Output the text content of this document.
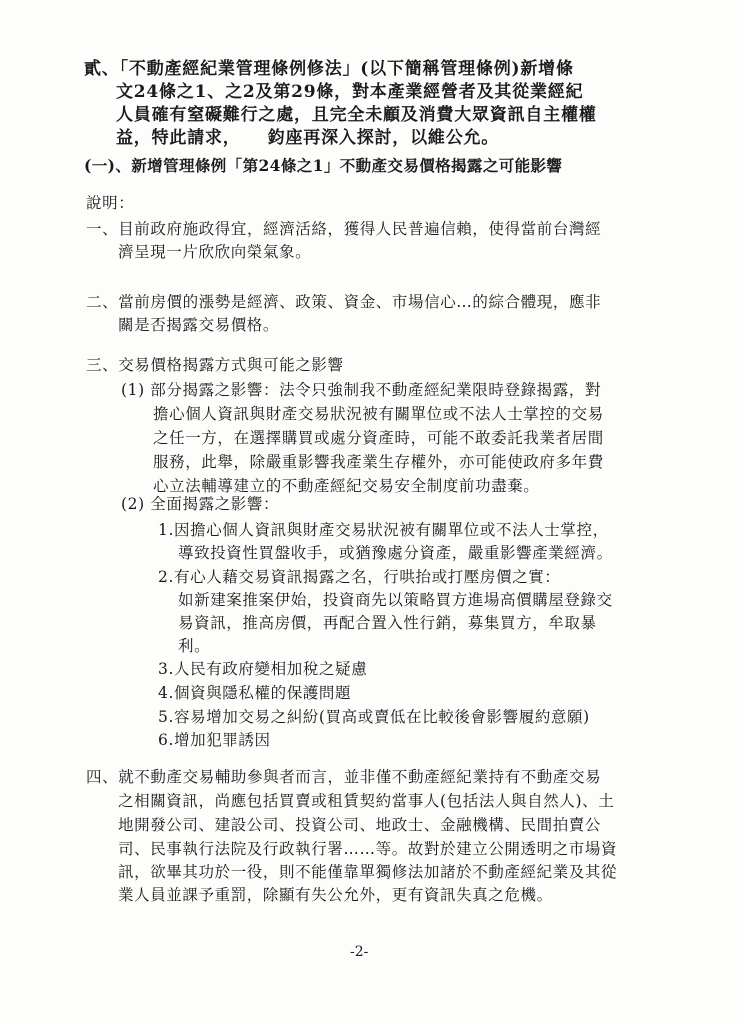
貳、「不動產經紀業管理條例修法」(以下簡稱管理條例)新增條
文24條之1、之2及第29條，對本產業經營者及其從業經紀
人員確有窒礙難行之處，且完全未顧及消費大眾資訊自主權權
益，特此請求，　　鈞座再深入探討，以維公允。
(一)、新增管理條例「第24條之1」不動產交易價格揭露之可能影響
說明：
一、目前政府施政得宜，經濟活絡，獲得人民普遍信賴，使得當前台灣經
濟呈現一片欣欣向榮氣象。
二、當前房價的漲勢是經濟、政策、資金、市場信心…的綜合體現，應非
關是否揭露交易價格。
三、交易價格揭露方式與可能之影響
(1) 部分揭露之影響：法令只強制我不動產經紀業限時登錄揭露，對
擔心個人資訊與財產交易狀況被有關單位或不法人士掌控的交易
之任一方，在選擇購買或處分資產時，可能不敢委託我業者居間
服務，此舉，除嚴重影響我產業生存權外，亦可能使政府多年費
心立法輔導建立的不動產經紀交易安全制度前功盡棄。
(2) 全面揭露之影響：
1.因擔心個人資訊與財產交易狀況被有關單位或不法人士掌控，
導致投資性買盤收手，或猶豫處分資產，嚴重影響產業經濟。
2.有心人藉交易資訊揭露之名，行哄抬或打壓房價之實：
如新建案推案伊始，投資商先以策略買方進場高價購屋登錄交
易資訊，推高房價，再配合置入性行銷，募集買方，牟取暴
利。
3.人民有政府變相加稅之疑慮
4.個資與隱私權的保護問題
5.容易增加交易之糾紛(買高或賣低在比較後會影響履約意願)
6.增加犯罪誘因
四、就不動產交易輔助參與者而言，並非僅不動產經紀業持有不動產交易
之相關資訊，尚應包括買賣或租賃契約當事人(包括法人與自然人)、土
地開發公司、建設公司、投資公司、地政士、金融機構、民間拍賣公
司、民事執行法院及行政執行署……等。故對於建立公開透明之市場資
訊，欲畢其功於一役，則不能僅靠單獨修法加諸於不動產經紀業及其從
業人員並課予重罰，除顯有失公允外，更有資訊失真之危機。
-2-
